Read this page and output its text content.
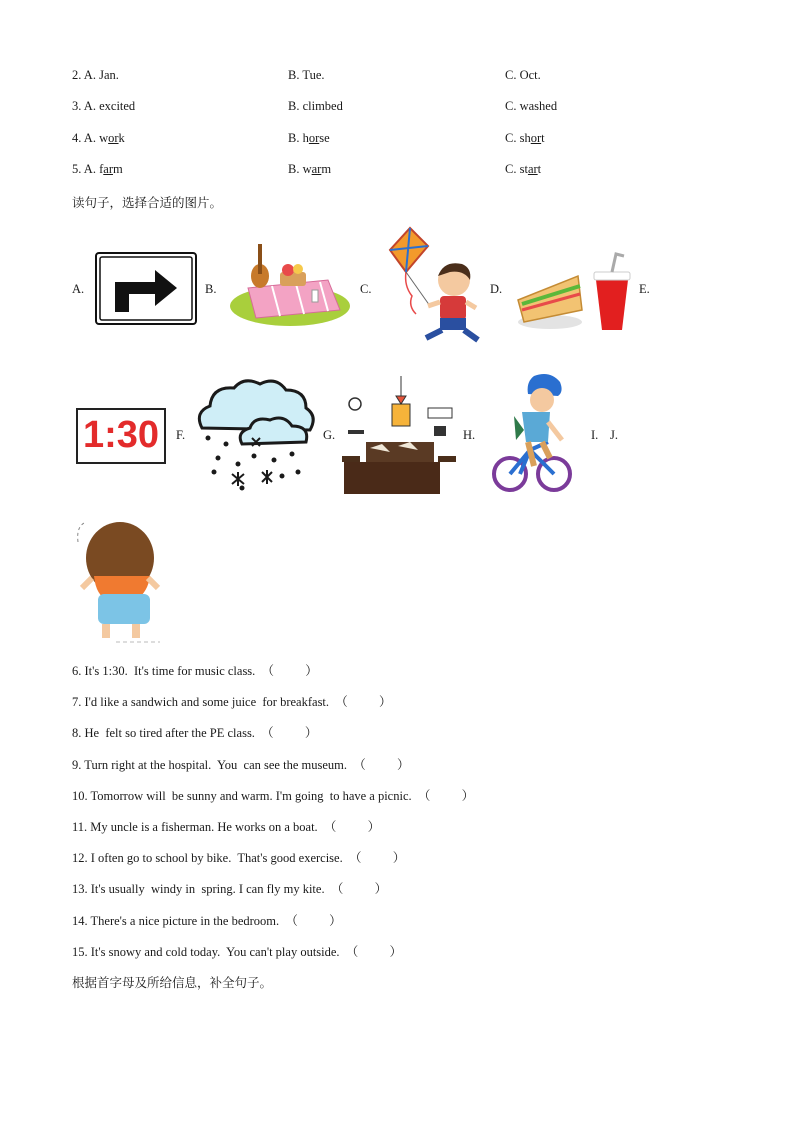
2. A. Jan.	B. Tue.	C. Oct.
3. A. excited	B. climbed	C. washed
4. A. work	B. horse	C. short
5. A. farm	B. warm	C. start
读句子，选择合适的图片。
A.	B.	C.	D.	E.
1:30	F.	G.	H.	I. J.
6. It's 1:30.  It's time for music class.  （          ）
7. I'd like a sandwich and some juice  for breakfast.  （          ）
8. He  felt so tired after the PE class.  （          ）
9. Turn right at the hospital.  You  can see the museum.  （          ）
10. Tomorrow will  be sunny and warm. I'm going  to have a picnic.  （          ）
11. My uncle is a fisherman. He works on a boat.  （          ）
12. I often go to school by bike.  That's good exercise.  （          ）
13. It's usually  windy in  spring. I can fly my kite.  （          ）
14. There's a nice picture in the bedroom.  （          ）
15. It's snowy and cold today.  You can't play outside.  （          ）
根据首字母及所给信息，补全句子。
